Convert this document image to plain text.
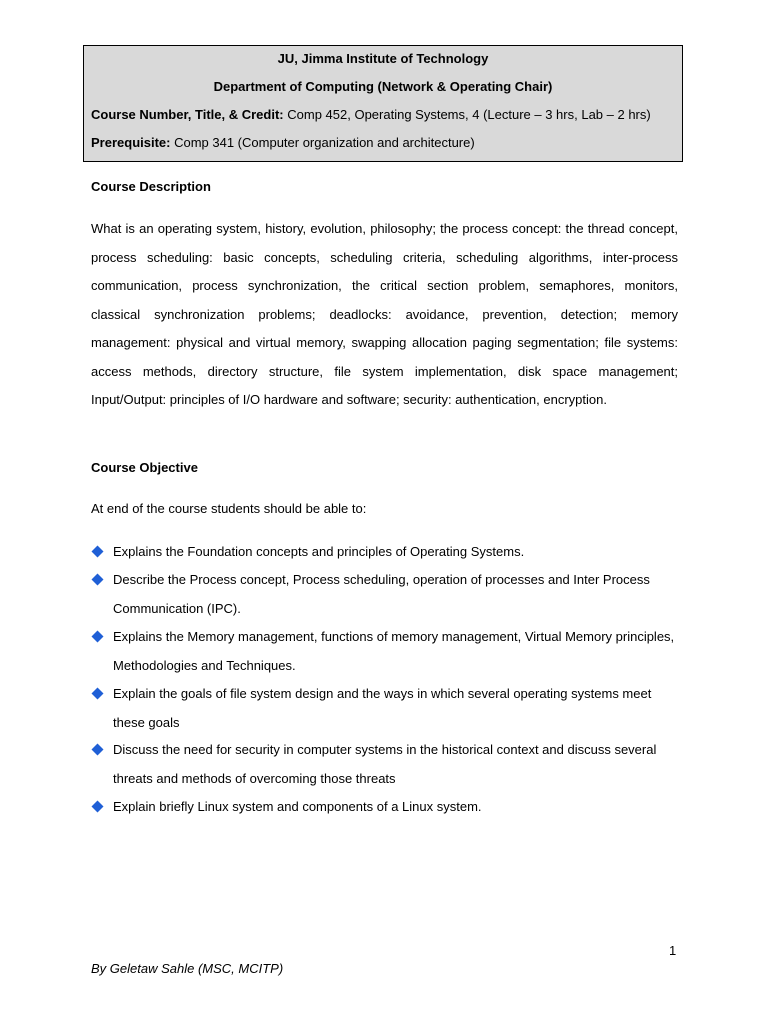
JU, Jimma Institute of Technology
Department of Computing (Network & Operating Chair)
Course Number, Title, & Credit: Comp 452, Operating Systems, 4 (Lecture – 3 hrs, Lab – 2 hrs)
Prerequisite: Comp 341 (Computer organization and architecture)
Course Description

What is an operating system, history, evolution, philosophy; the process concept: the thread concept, process scheduling: basic concepts, scheduling criteria, scheduling algorithms, inter-process communication, process synchronization, the critical section problem, semaphores, monitors, classical synchronization problems; deadlocks: avoidance, prevention, detection; memory management: physical and virtual memory, swapping allocation paging segmentation; file systems: access methods, directory structure, file system implementation, disk space management; Input/Output: principles of I/O hardware and software; security: authentication, encryption.

Course Objective
At end of the course students should be able to:
Explains the Foundation concepts and principles of Operating Systems.
Describe the Process concept, Process scheduling, operation of processes and Inter Process Communication (IPC).
Explains the Memory management, functions of memory management, Virtual Memory principles, Methodologies and Techniques.
Explain the goals of file system design and the ways in which several operating systems meet these goals
Discuss the need for security in computer systems in the historical context and discuss several threats and methods of overcoming those threats
Explain briefly Linux system and components of a Linux system.
1
By Geletaw Sahle (MSC, MCITP)
